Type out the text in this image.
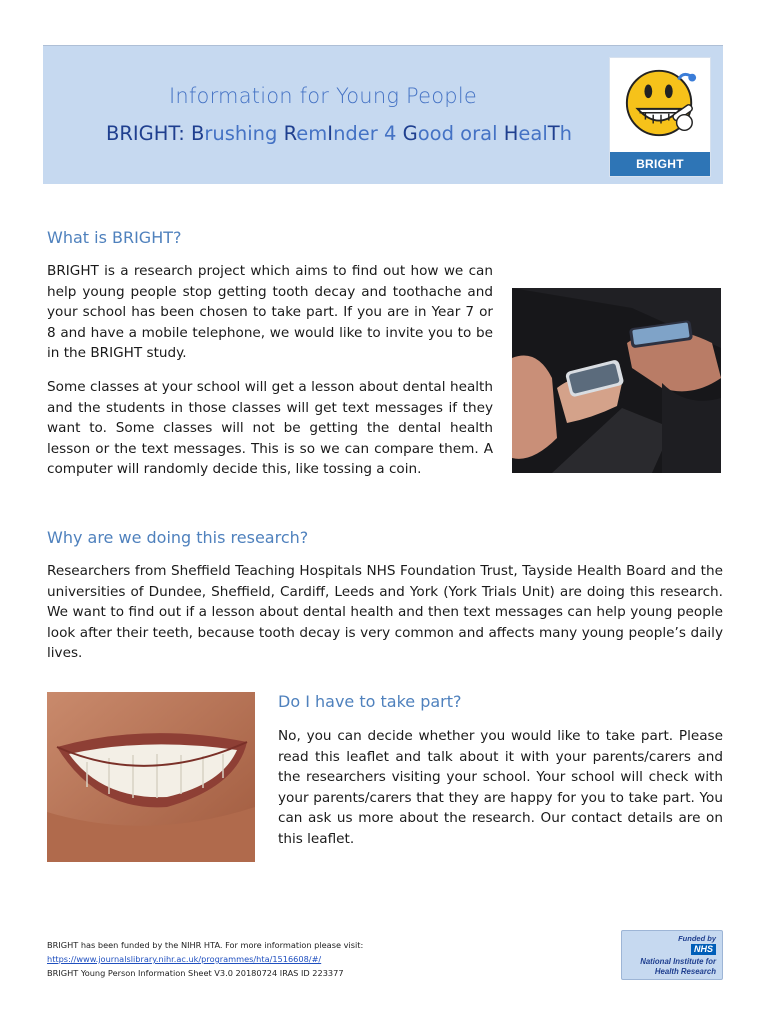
Information for Young People
BRIGHT: Brushing RemInder 4 Good oral HealTh
BRIGHT
What is BRIGHT?

BRIGHT is a research project which aims to find out how we can help young people stop getting tooth decay and toothache and your school has been chosen to take part. If you are in Year 7 or 8 and have a mobile telephone, we would like to invite you to be in the BRIGHT study.

Some classes at your school will get a lesson about dental health and the students in those classes will get text messages if they want to. Some classes will not be getting the dental health lesson or the text messages. This is so we can compare them. A computer will randomly decide this, like tossing a coin.

Why are we doing this research?

Researchers from Sheffield Teaching Hospitals NHS Foundation Trust, Tayside Health Board and the universities of Dundee, Sheffield, Cardiff, Leeds and York (York Trials Unit) are doing this research. We want to find out if a lesson about dental health and then text messages can help young people look after their teeth, because tooth decay is very common and affects many young people’s daily lives.

Do I have to take part?

No, you can decide whether you would like to take part. Please read this leaflet and talk about it with your parents/carers and the researchers visiting your school. Your school will check with your parents/carers that they are happy for you to take part. You can ask us more about the research. Our contact details are on this leaflet.

BRIGHT has been funded by the NIHR HTA. For more information please visit:
https://www.journalslibrary.nihr.ac.uk/programmes/hta/1516608/#/
BRIGHT Young Person Information Sheet V3.0 20180724 IRAS ID 223377
Funded by
NHS
National Institute for
Health Research
